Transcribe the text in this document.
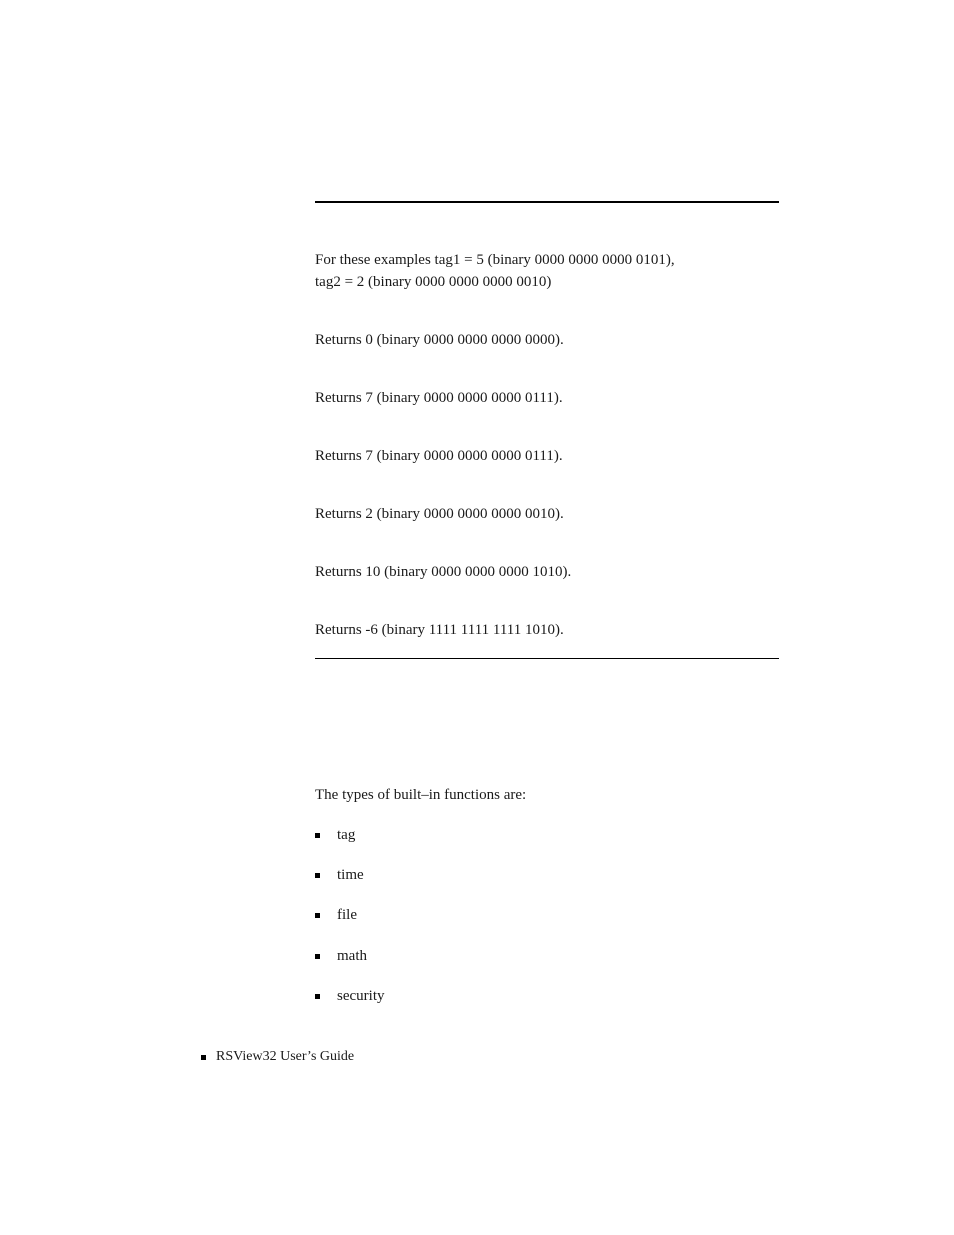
For these examples tag1 = 5 (binary 0000 0000 0000 0101),
tag2 = 2 (binary 0000 0000 0000 0010)
Returns 0 (binary 0000 0000 0000 0000).
Returns 7 (binary 0000 0000 0000 0111).
Returns 7 (binary 0000 0000 0000 0111).
Returns 2 (binary 0000 0000 0000 0010).
Returns 10 (binary 0000 0000 0000 1010).
Returns -6 (binary 1111 1111 1111 1010).
The types of built–in functions are:
tag
time
file
math
security
RSView32 User’s Guide
